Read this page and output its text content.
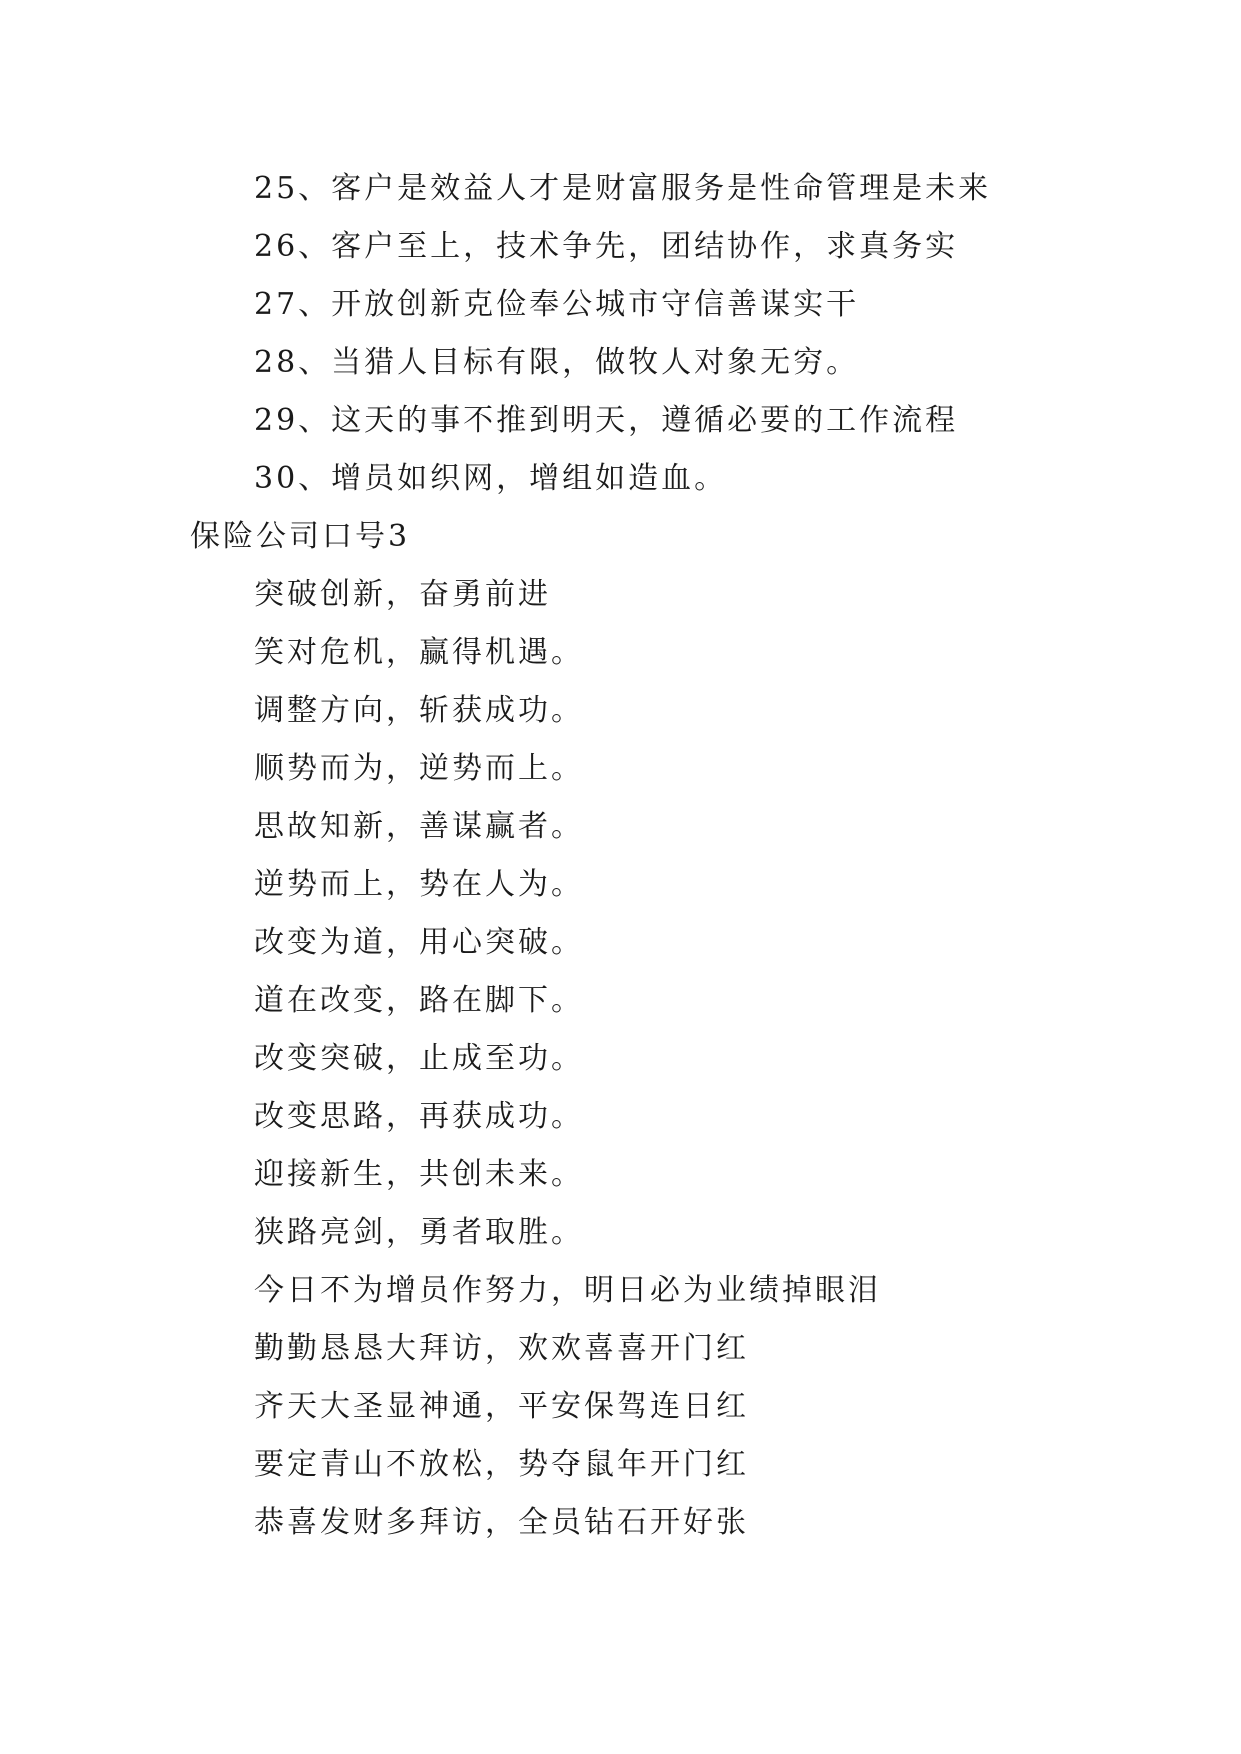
25、客户是效益人才是财富服务是性命管理是未来
26、客户至上，技术争先，团结协作，求真务实
27、开放创新克俭奉公城市守信善谋实干
28、当猎人目标有限，做牧人对象无穷。
29、这天的事不推到明天，遵循必要的工作流程
30、增员如织网，增组如造血。
保险公司口号3
突破创新，奋勇前进
笑对危机，赢得机遇。
调整方向，斩获成功。
顺势而为，逆势而上。
思故知新，善谋赢者。
逆势而上，势在人为。
改变为道，用心突破。
道在改变，路在脚下。
改变突破，止成至功。
改变思路，再获成功。
迎接新生，共创未来。
狭路亮剑，勇者取胜。
今日不为增员作努力，明日必为业绩掉眼泪
勤勤恳恳大拜访，欢欢喜喜开门红
齐天大圣显神通，平安保驾连日红
要定青山不放松，势夺鼠年开门红
恭喜发财多拜访，全员钻石开好张
